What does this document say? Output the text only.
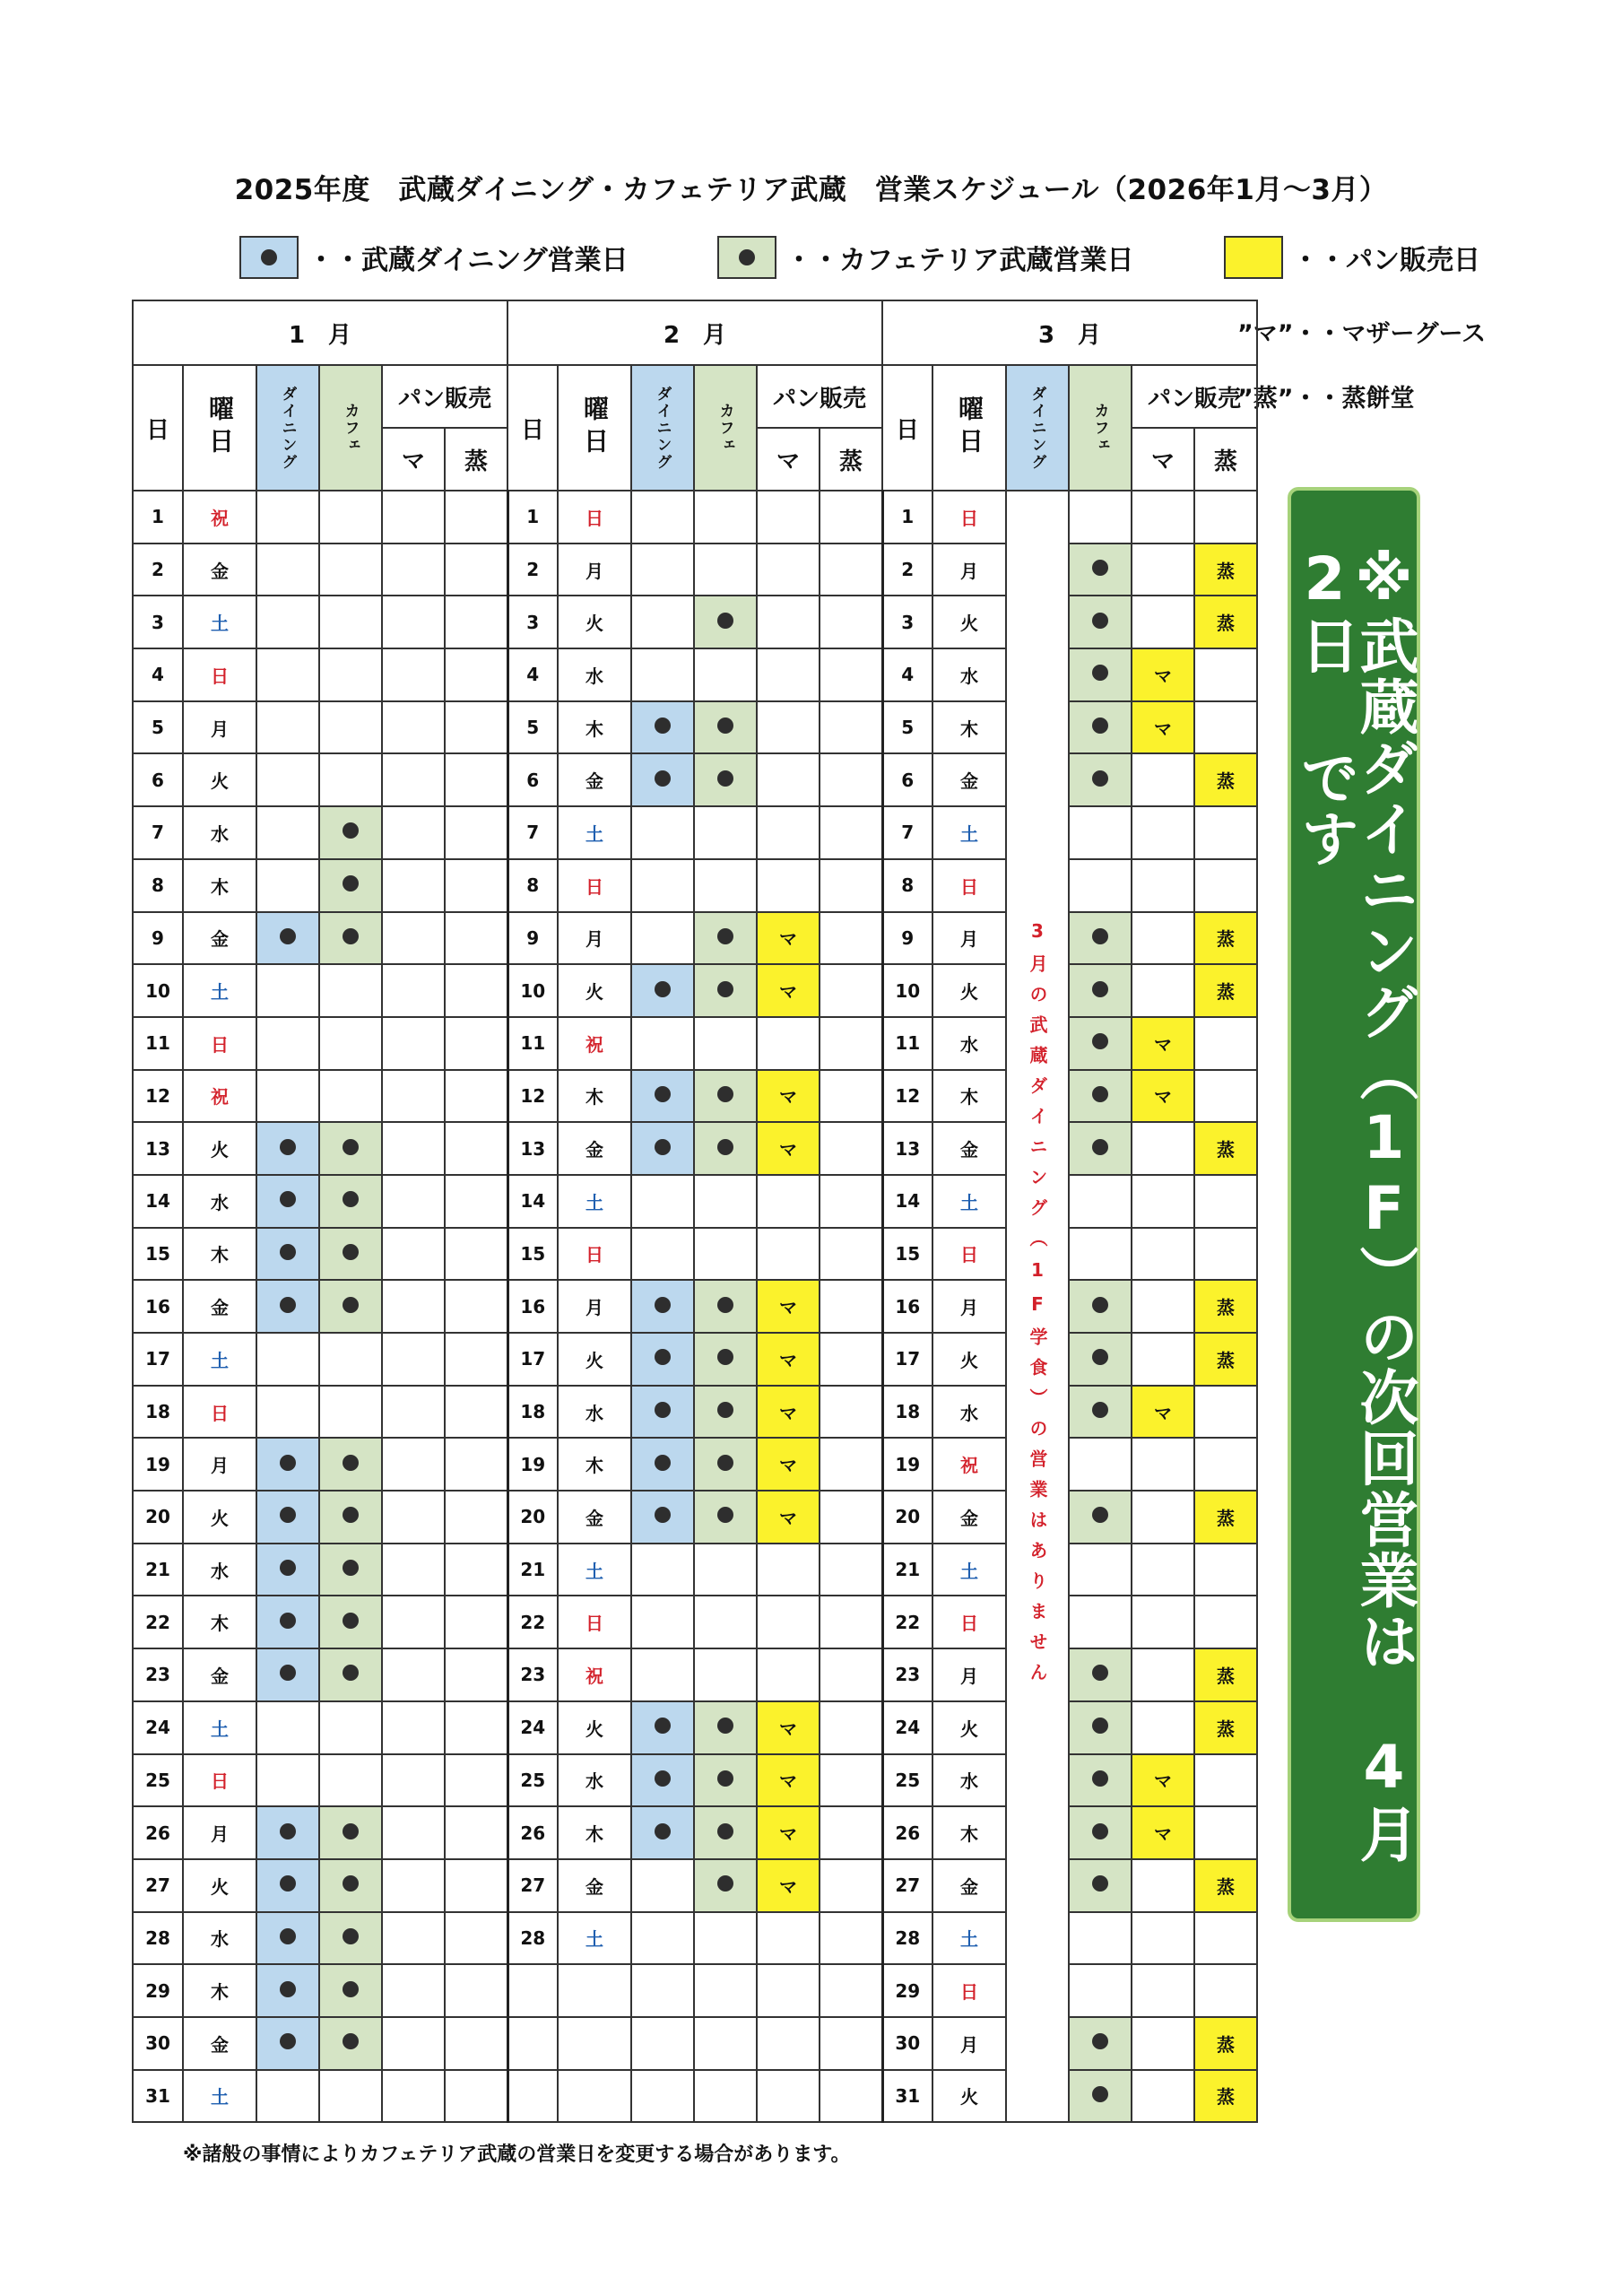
2025年度　武蔵ダイニング・カフェテリア武蔵　営業スケジュール（2026年1月～3月）
・・武蔵ダイニング営業日	・・カフェテリア武蔵営業日	・・パン販売日
”マ”・・マザーグース
”蒸”・・蒸餅堂
1　月						2　月						3　月					
日	曜日	ダイニング	カフェ	パン販売		日	曜日	ダイニング	カフェ	パン販売		日	曜日	ダイニング	カフェ	パン販売	
				マ	蒸					マ	蒸					マ	蒸
1	祝					1	日					1	日	3月の武蔵ダイニング（1F学食）の営業はありません			

2	金					2	月					2	月				蒸
3	土					3	火					3	火				蒸
4	日					4	水					4	水			マ	
5	月					5	木					5	木			マ	
6	火					6	金					6	金				蒸
7	水					7	土					7	土				
8	木					8	日					8	日				
9	金					9	月			マ		9	月				蒸
10	土					10	火			マ		10	火				蒸
11	日					11	祝					11	水			マ	
12	祝					12	木			マ		12	木			マ	
13	火					13	金			マ		13	金				蒸
14	水					14	土					14	土				
15	木					15	日					15	日				
16	金					16	月			マ		16	月				蒸
17	土					17	火			マ		17	火				蒸
18	日					18	水			マ		18	水			マ	
19	月					19	木			マ		19	祝				
20	火					20	金			マ		20	金				蒸
21	水					21	土					21	土				
22	木					22	日					22	日				
23	金					23	祝					23	月				蒸
24	土					24	火			マ		24	火				蒸
25	日					25	水			マ		25	水			マ	
26	月					26	木			マ		26	木			マ	
27	火					27	金			マ		27	金				蒸
28	水					28	土					28	土				
29	木											29	日				
30	金											30	月				蒸
31	土											31	火				蒸
※武蔵ダイニング（1F）の次回営業は　4月2日 です
※諸般の事情によりカフェテリア武蔵の営業日を変更する場合があります。
